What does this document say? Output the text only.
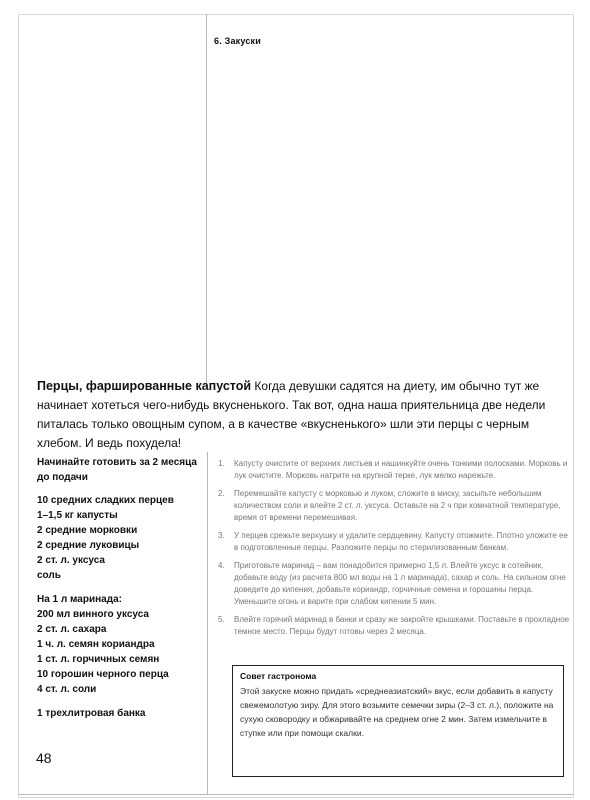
6. Закуски
Перцы, фаршированные капустой Когда девушки садятся на диету, им обычно тут же начинает хотеться чего-нибудь вкусненького. Так вот, одна наша приятельница две недели питалась только овощным супом, а в качестве «вкусненького» шли эти перцы с черным хлебом. И ведь похудела!
Начинайте готовить за 2 месяца до подачи
10 средних сладких перцев
1–1,5 кг капусты
2 средние морковки
2 средние луковицы
2 ст. л. уксуса
соль
На 1 л маринада:
200 мл винного уксуса
2 ст. л. сахара
1 ч. л. семян кориандра
1 ст. л. горчичных семян
10 горошин черного перца
4 ст. л. соли
1 трехлитровая банка
1.	Капусту очистите от верхних листьев и нашинкуйте очень тонкими полосками. Морковь и лук очистите. Морковь натрите на крупной терке, лук мелко нарежьте.
2.	Перемешайте капусту с морковью и луком, сложите в миску, засыпьте небольшим количеством соли и влейте 2 ст. л. уксуса. Оставьте на 2 ч при комнатной температуре, время от времени перемешивая.
3.	У перцев срежьте верхушку и удалите сердцевину. Капусту отожмите. Плотно уложите ее в подготовленные перцы. Разложите перцы по стерилизованным банкам.
4.	Приготовьте маринад – вам понадобится примерно 1,5 л. Влейте уксус в сотейник, добавьте воду (из расчета 800 мл воды на 1 л маринада), сахар и соль. На сильном огне доведите до кипения, добавьте кориандр, горчичные семена и горошины перца. Уменьшите огонь и варите при слабом кипении 5 мин.
5.	Влейте горячий маринад в банки и сразу же закройте крышками. Поставьте в прохладное темное место. Перцы будут готовы через 2 месяца.
Совет гастронома
Этой закуске можно придать «среднеазиатский» вкус, если добавить в капусту свежемолотую зиру. Для этого возьмите семечки зиры (2–3 ст. л.), положите на сухую сковородку и обжаривайте на среднем огне 2 мин. Затем измельчите в ступке или при помощи скалки.
48
